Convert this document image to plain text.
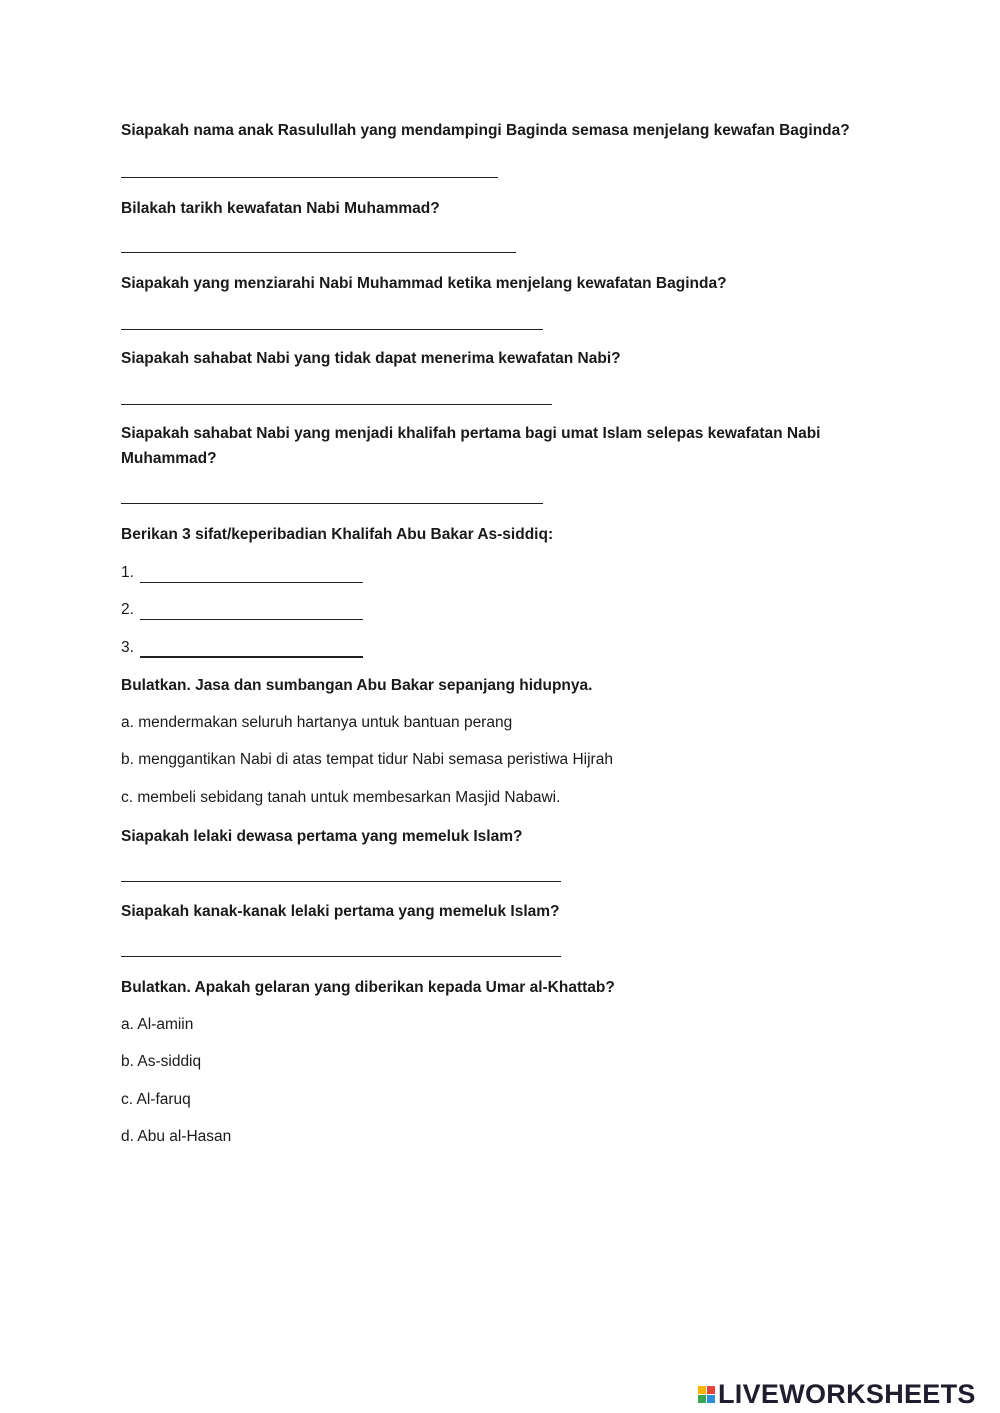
Siapakah nama anak Rasulullah yang mendampingi Baginda semasa menjelang kewafan Baginda?
Bilakah tarikh kewafatan Nabi Muhammad?
Siapakah yang menziarahi Nabi Muhammad ketika menjelang kewafatan Baginda?
Siapakah sahabat Nabi yang tidak dapat menerima kewafatan Nabi?
Siapakah sahabat Nabi yang menjadi khalifah pertama bagi umat Islam selepas kewafatan Nabi Muhammad?
Berikan 3 sifat/keperibadian Khalifah Abu Bakar As-siddiq:
1.
2.
3.
Bulatkan. Jasa dan sumbangan Abu Bakar sepanjang hidupnya.
a. mendermakan seluruh hartanya untuk bantuan perang
b. menggantikan Nabi di atas tempat tidur Nabi semasa peristiwa Hijrah
c. membeli sebidang tanah untuk membesarkan Masjid Nabawi.
Siapakah lelaki dewasa pertama yang memeluk Islam?
Siapakah kanak-kanak lelaki pertama yang memeluk Islam?
Bulatkan. Apakah gelaran yang diberikan kepada Umar al-Khattab?
a. Al-amiin
b. As-siddiq
c. Al-faruq
d. Abu al-Hasan
LIVEWORKSHEETS
